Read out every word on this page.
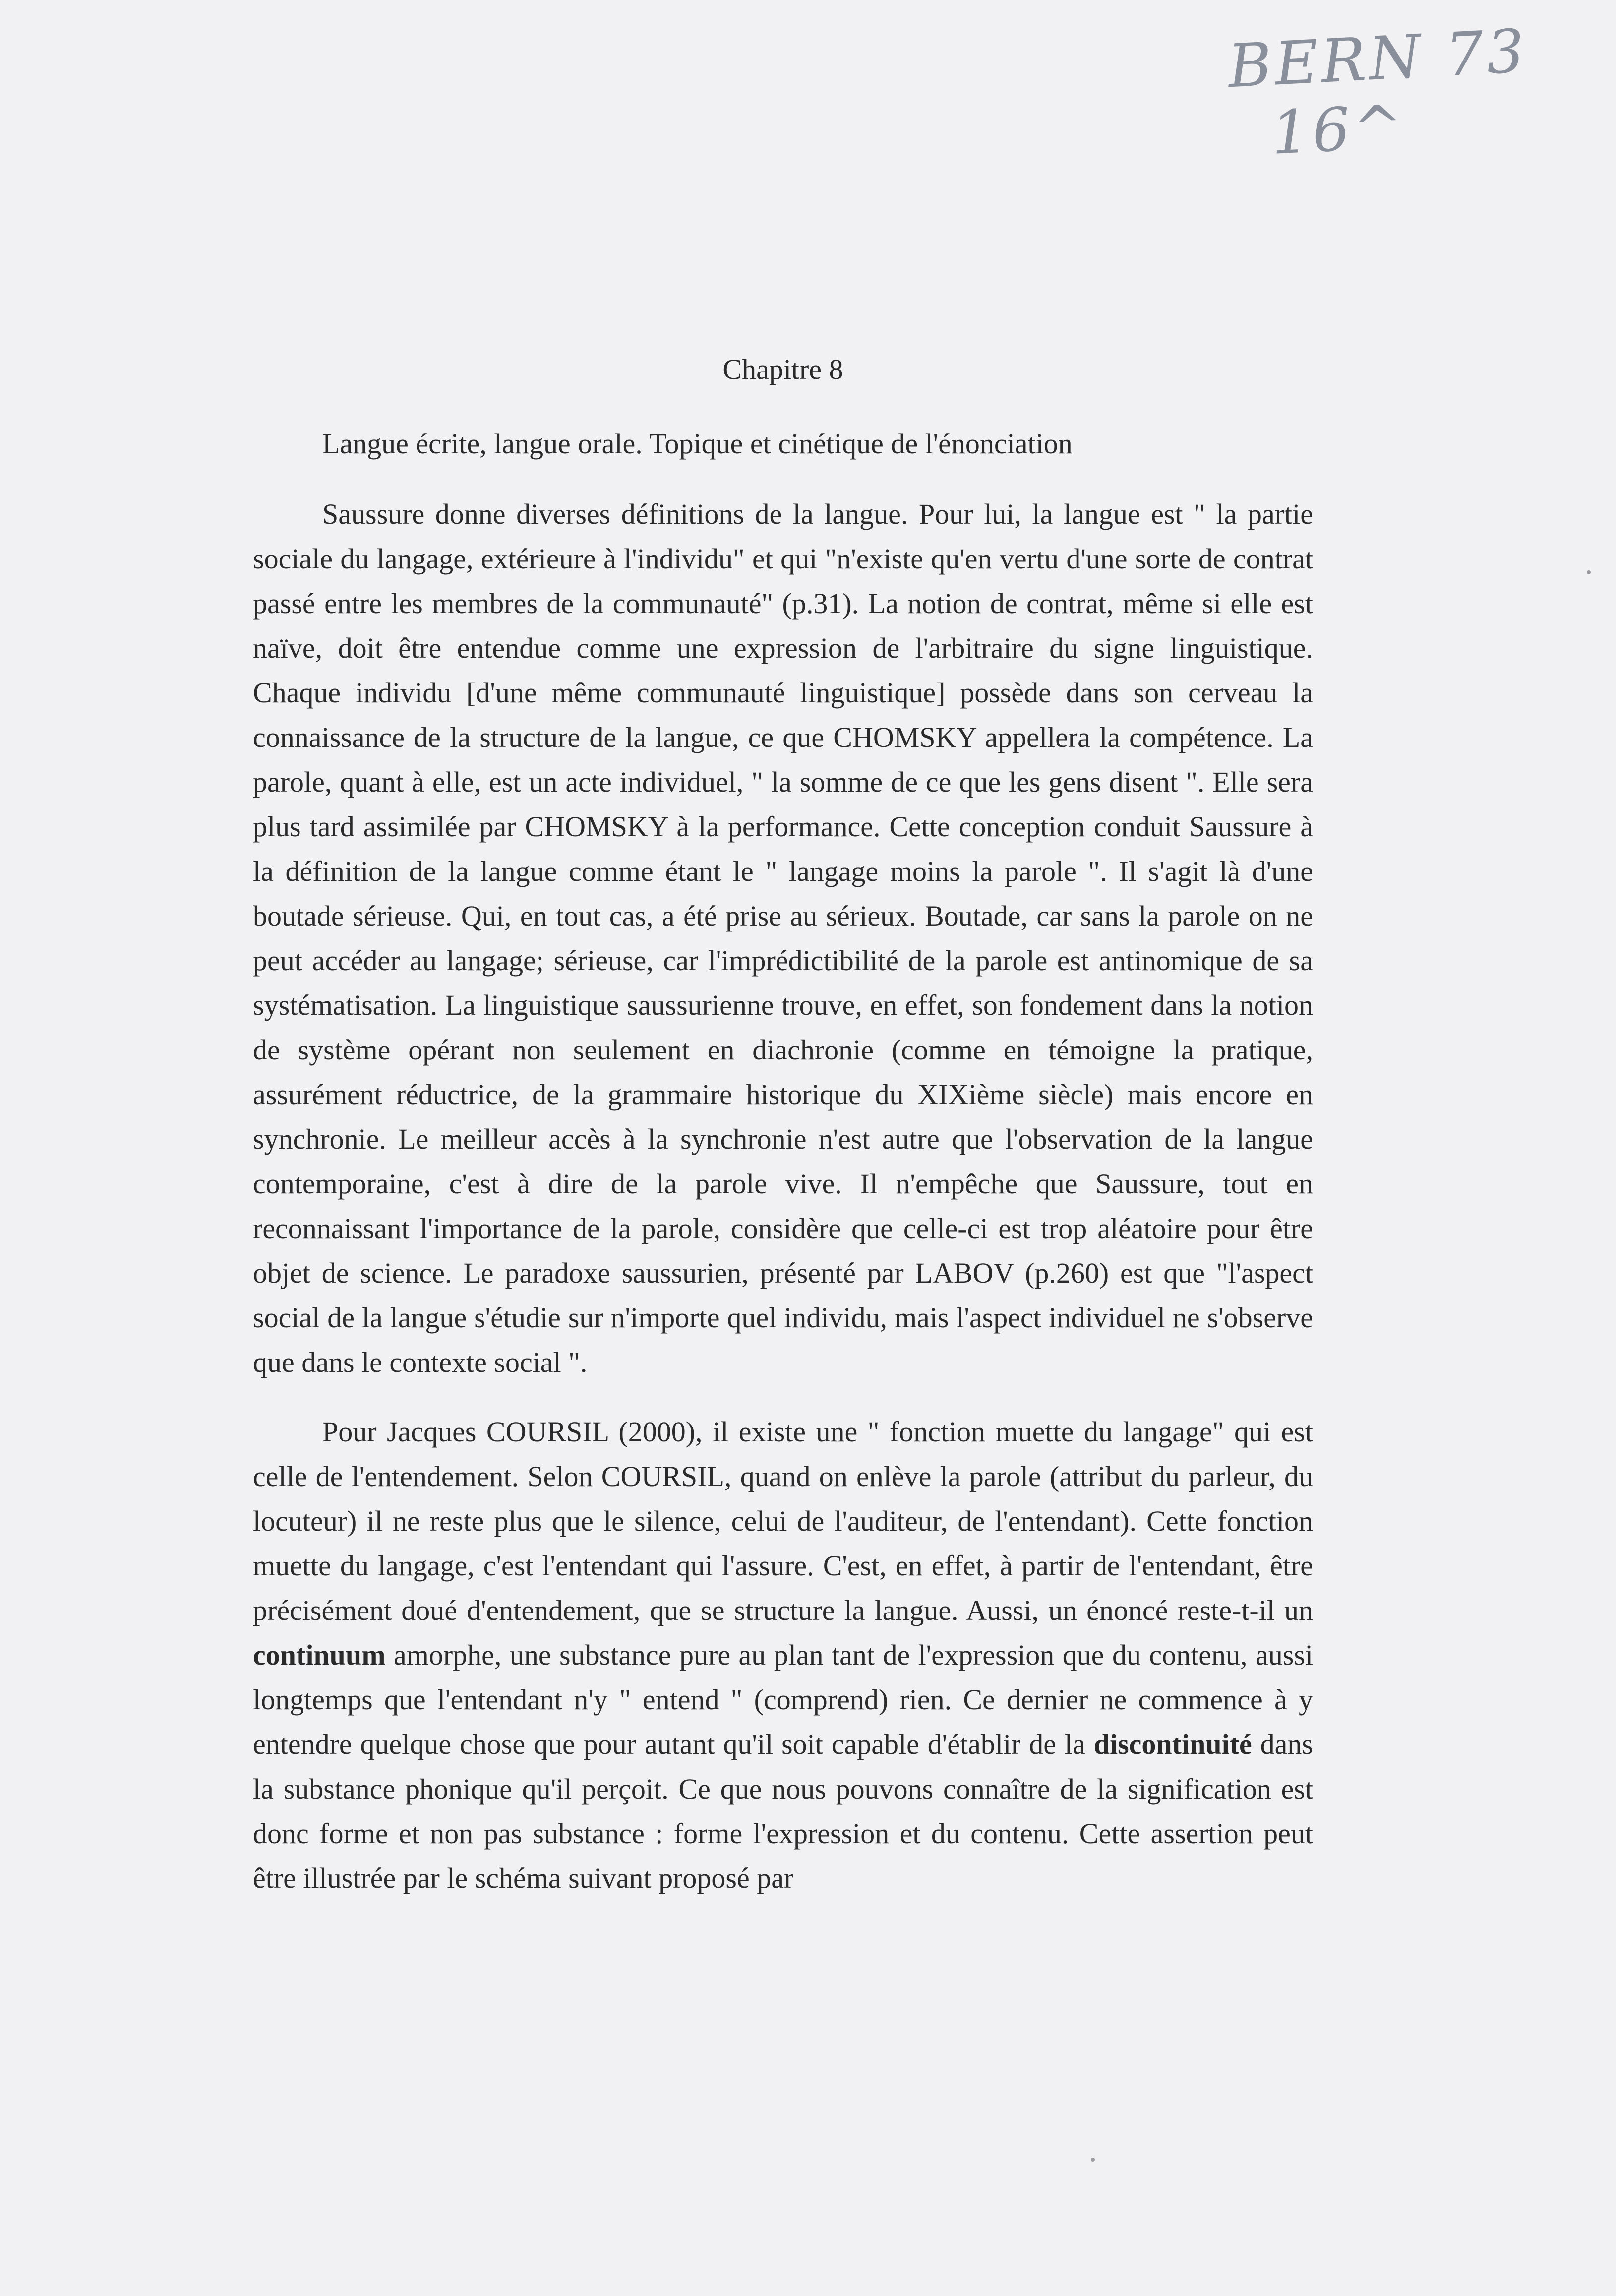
BERN 73 16^
Chapitre 8
Langue écrite, langue orale. Topique et cinétique de l'énonciation

Saussure donne diverses définitions de la langue. Pour lui, la langue est " la partie sociale du langage, extérieure à l'individu" et qui "n'existe qu'en vertu d'une sorte de contrat passé entre les membres de la communauté" (p.31). La notion de contrat, même si elle est naïve, doit être entendue comme une expression de l'arbitraire du signe linguistique. Chaque individu [d'une même communauté linguistique] possède dans son cerveau la connaissance de la structure de la langue, ce que CHOMSKY appellera la compétence. La parole, quant à elle, est un acte individuel, " la somme de ce que les gens disent ". Elle sera plus tard assimilée par CHOMSKY à la performance. Cette conception conduit Saussure à la définition de la langue comme étant le " langage moins la parole ". Il s'agit là d'une boutade sérieuse. Qui, en tout cas, a été prise au sérieux. Boutade, car sans la parole on ne peut accéder au langage; sérieuse, car l'imprédictibilité de la parole est antinomique de sa systématisation. La linguistique saussurienne trouve, en effet, son fondement dans la notion de système opérant non seulement en diachronie (comme en témoigne la pratique, assurément réductrice, de la grammaire historique du XIXième siècle) mais encore en synchronie. Le meilleur accès à la synchronie n'est autre que l'observation de la langue contemporaine, c'est à dire de la parole vive. Il n'empêche que Saussure, tout en reconnaissant l'importance de la parole, considère que celle-ci est trop aléatoire pour être objet de science. Le paradoxe saussurien, présenté par LABOV (p.260) est que "l'aspect social de la langue s'étudie sur n'importe quel individu, mais l'aspect individuel ne s'observe que dans le contexte social ".

Pour Jacques COURSIL (2000), il existe une " fonction muette du langage" qui est celle de l'entendement. Selon COURSIL, quand on enlève la parole (attribut du parleur, du locuteur) il ne reste plus que le silence, celui de l'auditeur, de l'entendant). Cette fonction muette du langage, c'est l'entendant qui l'assure. C'est, en effet, à partir de l'entendant, être précisément doué d'entendement, que se structure la langue. Aussi, un énoncé reste-t-il un continuum amorphe, une substance pure au plan tant de l'expression que du contenu, aussi longtemps que l'entendant n'y " entend " (comprend) rien. Ce dernier ne commence à y entendre quelque chose que pour autant qu'il soit capable d'établir de la discontinuité dans la substance phonique qu'il perçoit. Ce que nous pouvons connaître de la signification est donc forme et non pas substance : forme l'expression et du contenu. Cette assertion peut être illustrée par le schéma suivant proposé par
